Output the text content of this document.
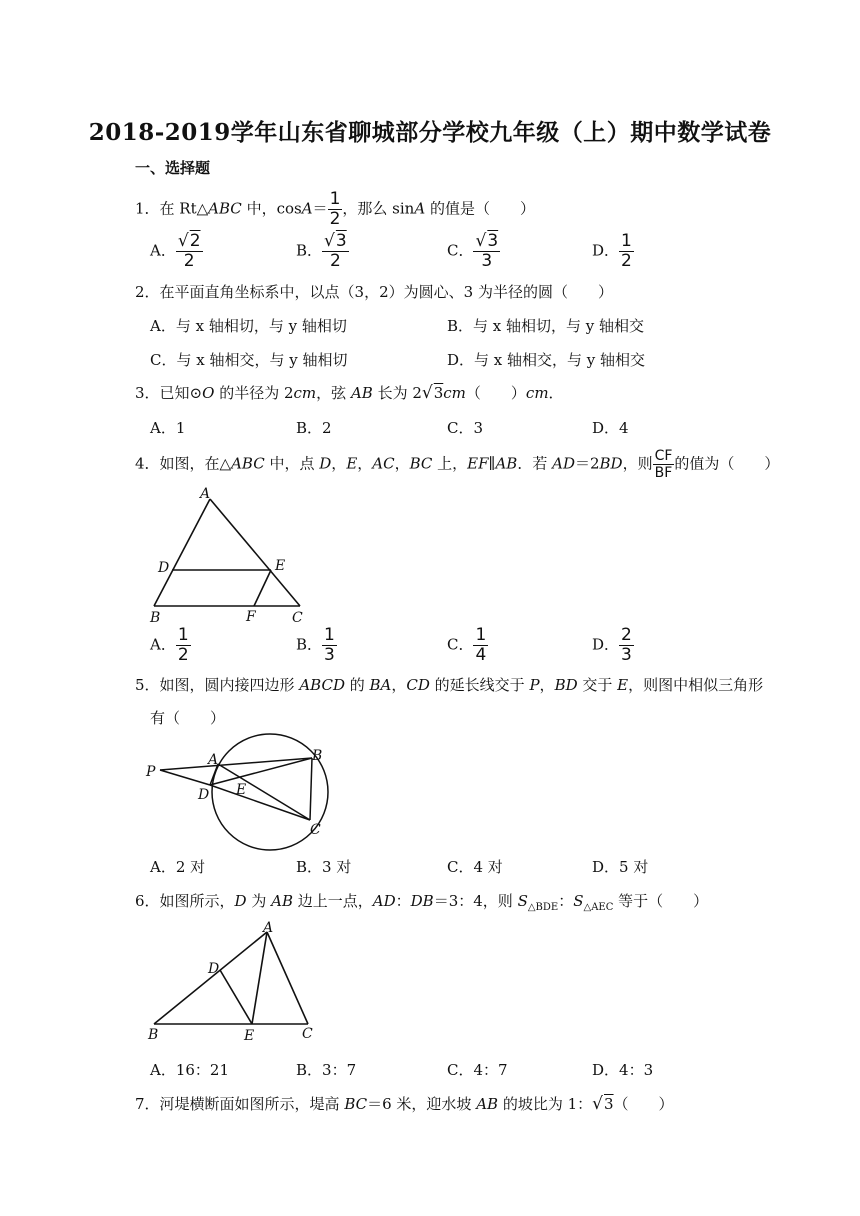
2018-2019学年山东省聊城部分学校九年级（上）期中数学试卷
一、选择题
1．在 Rt△ABC 中，$\cos A= \frac{1}{2}$ ，那么 sinA 的值是（　　）
A． $\frac{√2}{2}$	B． $\frac{√3}{2}$	C． $\frac{√3}{3}$	D． $\frac{1}{2}$
2．在平面直角坐标系中，以点（3，2）为圆心、3 为半径的圆（　　）
A．与 x 轴相切，与 y 轴相切	B．与 x 轴相切，与 y 轴相交
C．与 x 轴相交，与 y 轴相切	D．与 x 轴相交，与 y 轴相交
3．已知⊙O 的半径为 2cm，弦 AB 长为 2√3cm（　　）cm．
A．1	B．2	C．3	D．4
4．如图，在△ABC 中，点 D，E，AC，BC 上，EF∥AB．若 AD＝2BD，则 $\frac{CF}{BF}$ 的值为（　　）
A
B	C
D	E
F
A． $\frac{1}{2}$	B． $\frac{1}{3}$	C． $\frac{1}{4}$	D． $\frac{2}{3}$
5．如图，圆内接四边形 ABCD 的 BA，CD 的延长线交于 P，BD 交于 E，则图中相似三角形
有（　　）
P
A	B
C
D E
A．2 对	B．3 对	C．4 对	D．5 对
6．如图所示，D 为 AB 边上一点，AD：DB＝3：4，则 $S_{\triangle BDE}$：$S_{\triangle AEC}$ 等于（　　）
A
B	C
D
E
A．16：21	B．3：7	C．4：7	D．4：3
7．河堤横断面如图所示，堤高 BC＝6 米，迎水坡 AB 的坡比为 1：√3（　　）
